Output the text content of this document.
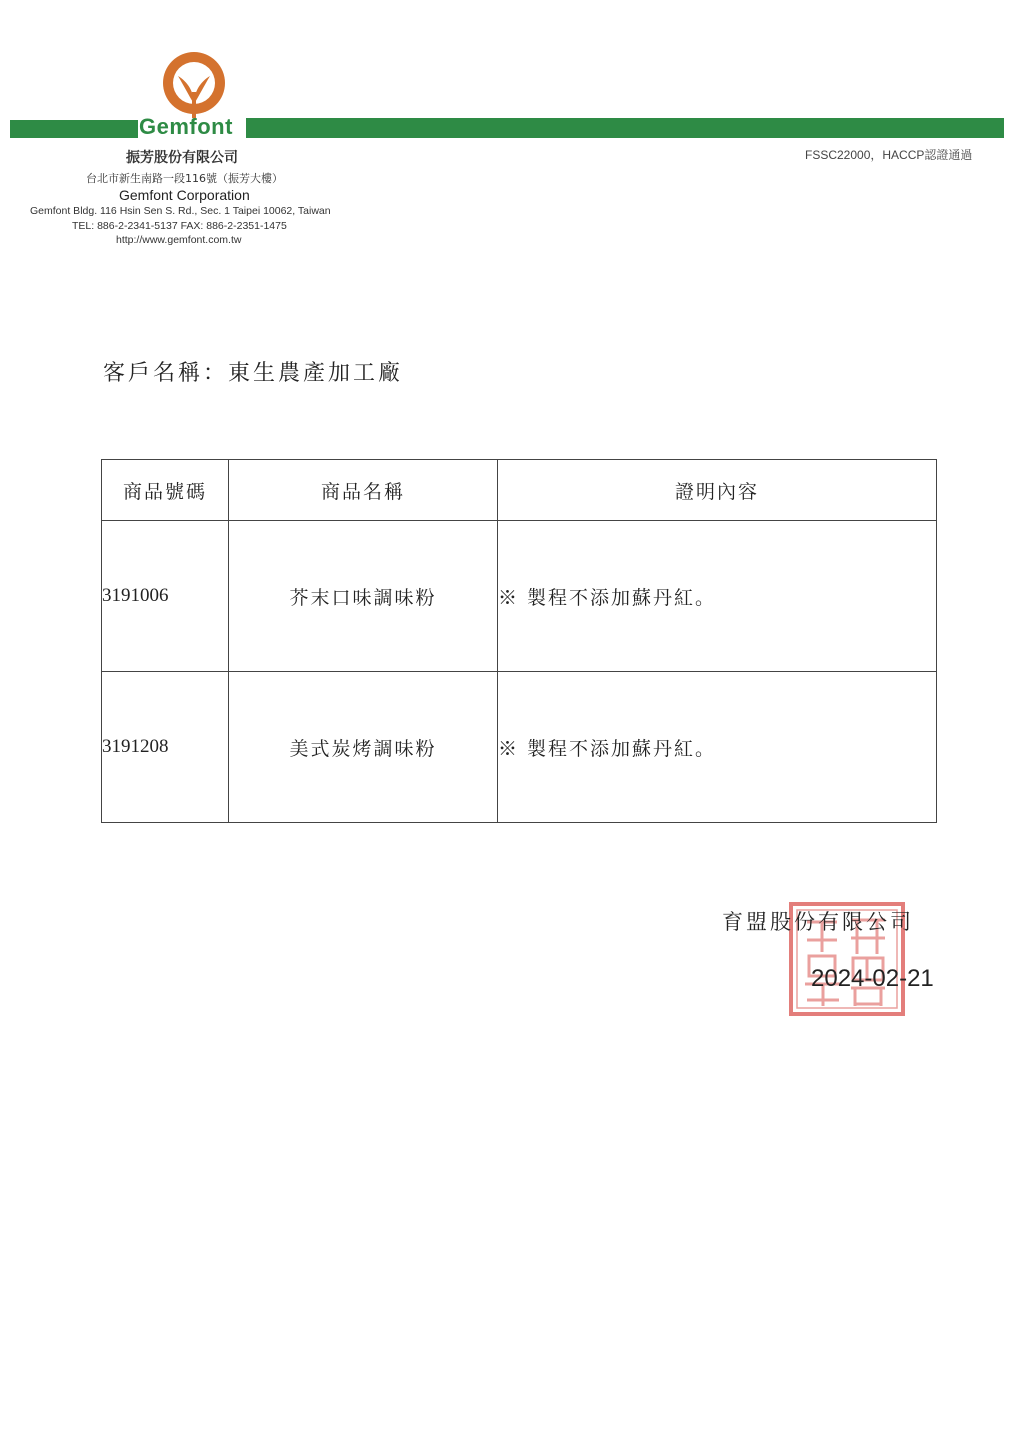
Gemfont
振芳股份有限公司
台北市新生南路一段116號（振芳大樓）
Gemfont Corporation
Gemfont Bldg. 116 Hsin Sen S. Rd., Sec. 1 Taipei 10062, Taiwan
TEL: 886-2-2341-5137 FAX: 886-2-2351-1475
http://www.gemfont.com.tw
FSSC22000，HACCP認證通過
客戶名稱：東生農產加工廠
商品號碼	商品名稱	證明內容
3191006	芥末口味調味粉	※ 製程不添加蘇丹紅。
3191208	美式炭烤調味粉	※ 製程不添加蘇丹紅。
育盟股份有限公司
2024-02-21
